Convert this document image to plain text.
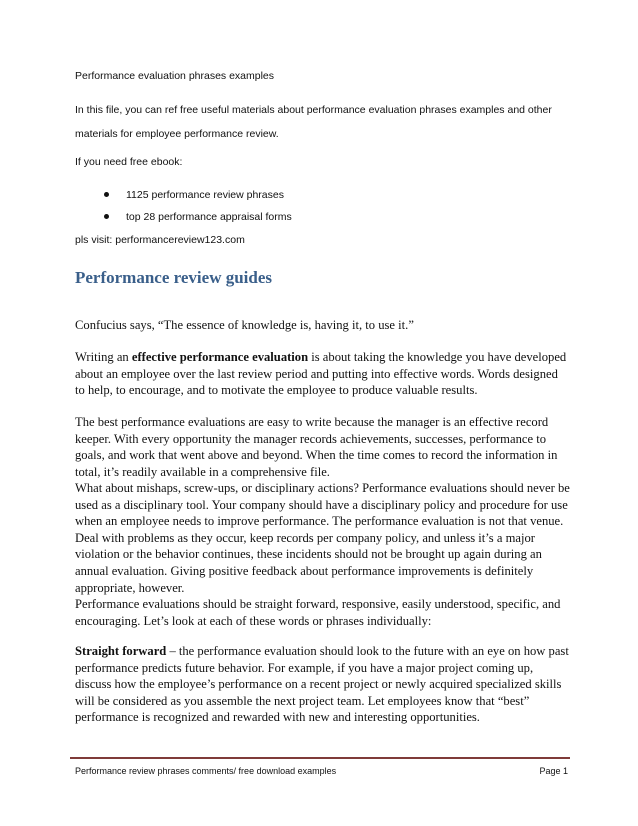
Performance evaluation phrases examples

In this file, you can ref free useful materials about performance evaluation phrases examples and other

materials for employee performance review.

If you need free ebook:

1125 performance review phrases
top 28 performance appraisal forms

pls visit: performancereview123.com

Performance review guides

Confucius says, “The essence of knowledge is, having it, to use it.”

Writing an effective performance evaluation is about taking the knowledge you have developed about an employee over the last review period and putting into effective words. Words designed to help, to encourage, and to motivate the employee to produce valuable results.

The best performance evaluations are easy to write because the manager is an effective record keeper. With every opportunity the manager records achievements, successes, performance to goals, and work that went above and beyond. When the time comes to record the information in total, it’s readily available in a comprehensive file.

What about mishaps, screw-ups, or disciplinary actions? Performance evaluations should never be used as a disciplinary tool. Your company should have a disciplinary policy and procedure for use when an employee needs to improve performance. The performance evaluation is not that venue. Deal with problems as they occur, keep records per company policy, and unless it’s a major violation or the behavior continues, these incidents should not be brought up again during an annual evaluation. Giving positive feedback about performance improvements is definitely appropriate, however.

Performance evaluations should be straight forward, responsive, easily understood, specific, and encouraging. Let’s look at each of these words or phrases individually:

Straight forward – the performance evaluation should look to the future with an eye on how past performance predicts future behavior. For example, if you have a major project coming up, discuss how the employee’s performance on a recent project or newly acquired specialized skills will be considered as you assemble the next project team. Let employees know that “best” performance is recognized and rewarded with new and interesting opportunities.

Performance review phrases comments/ free download examples	Page 1
